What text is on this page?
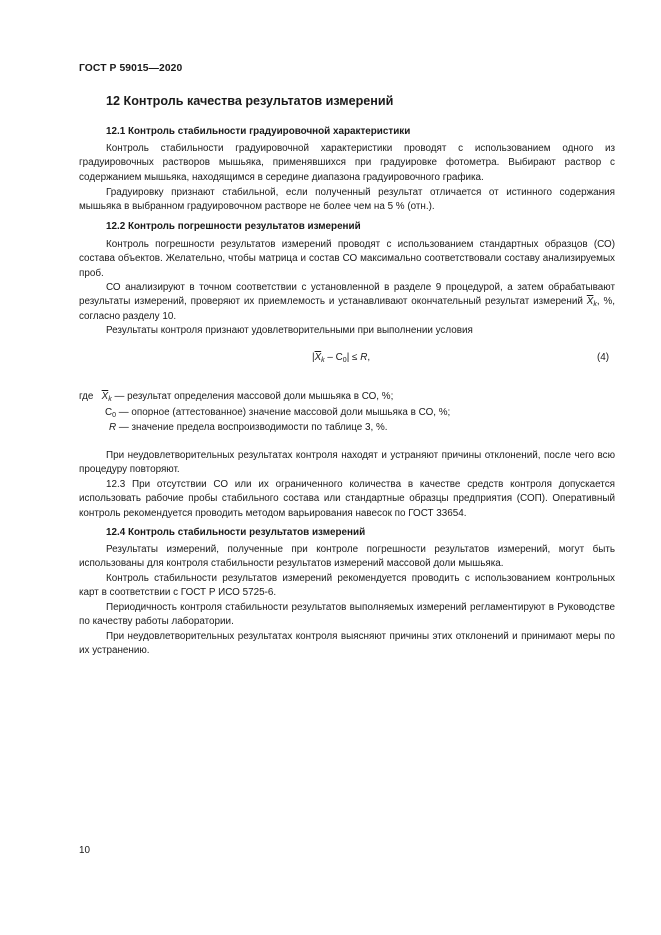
ГОСТ Р 59015—2020
12 Контроль качества результатов измерений
12.1 Контроль стабильности градуировочной характеристики

Контроль стабильности градуировочной характеристики проводят с использованием одного из градуировочных растворов мышьяка, применявшихся при градуировке фотометра. Выбирают раствор с содержанием мышьяка, находящимся в середине диапазона градуировочного графика.

Градуировку признают стабильной, если полученный результат отличается от истинного содержания мышьяка в выбранном градуировочном растворе не более чем на 5 % (отн.).

12.2 Контроль погрешности результатов измерений

Контроль погрешности результатов измерений проводят с использованием стандартных образцов (СО) состава объектов. Желательно, чтобы матрица и состав СО максимально соответствовали составу анализируемых проб.

СО анализируют в точном соответствии с установленной в разделе 9 процедурой, а затем обрабатывают результаты измерений, проверяют их приемлемость и устанавливают окончательный результат измерений $\overline{X}_k$, %, согласно разделу 10.

Результаты контроля признают удовлетворительными при выполнении условия

$|\overline{X}_k - C_0| \le R$,	(4)
где $\overline{X}_k$ — результат определения массовой доли мышьяка в СО, %;
$C_0$ — опорное (аттестованное) значение массовой доли мышьяка в СО, %;
R — значение предела воспроизводимости по таблице 3, %.

При неудовлетворительных результатах контроля находят и устраняют причины отклонений, после чего всю процедуру повторяют.

12.3 При отсутствии СО или их ограниченного количества в качестве средств контроля допускается использовать рабочие пробы стабильного состава или стандартные образцы предприятия (СОП). Оперативный контроль рекомендуется проводить методом варьирования навесок по ГОСТ 33654.

12.4 Контроль стабильности результатов измерений

Результаты измерений, полученные при контроле погрешности результатов измерений, могут быть использованы для контроля стабильности результатов измерений массовой доли мышьяка.

Контроль стабильности результатов измерений рекомендуется проводить с использованием контрольных карт в соответствии с ГОСТ Р ИСО 5725-6.

Периодичность контроля стабильности результатов выполняемых измерений регламентируют в Руководстве по качеству работы лаборатории.

При неудовлетворительных результатах контроля выясняют причины этих отклонений и принимают меры по их устранению.

10
